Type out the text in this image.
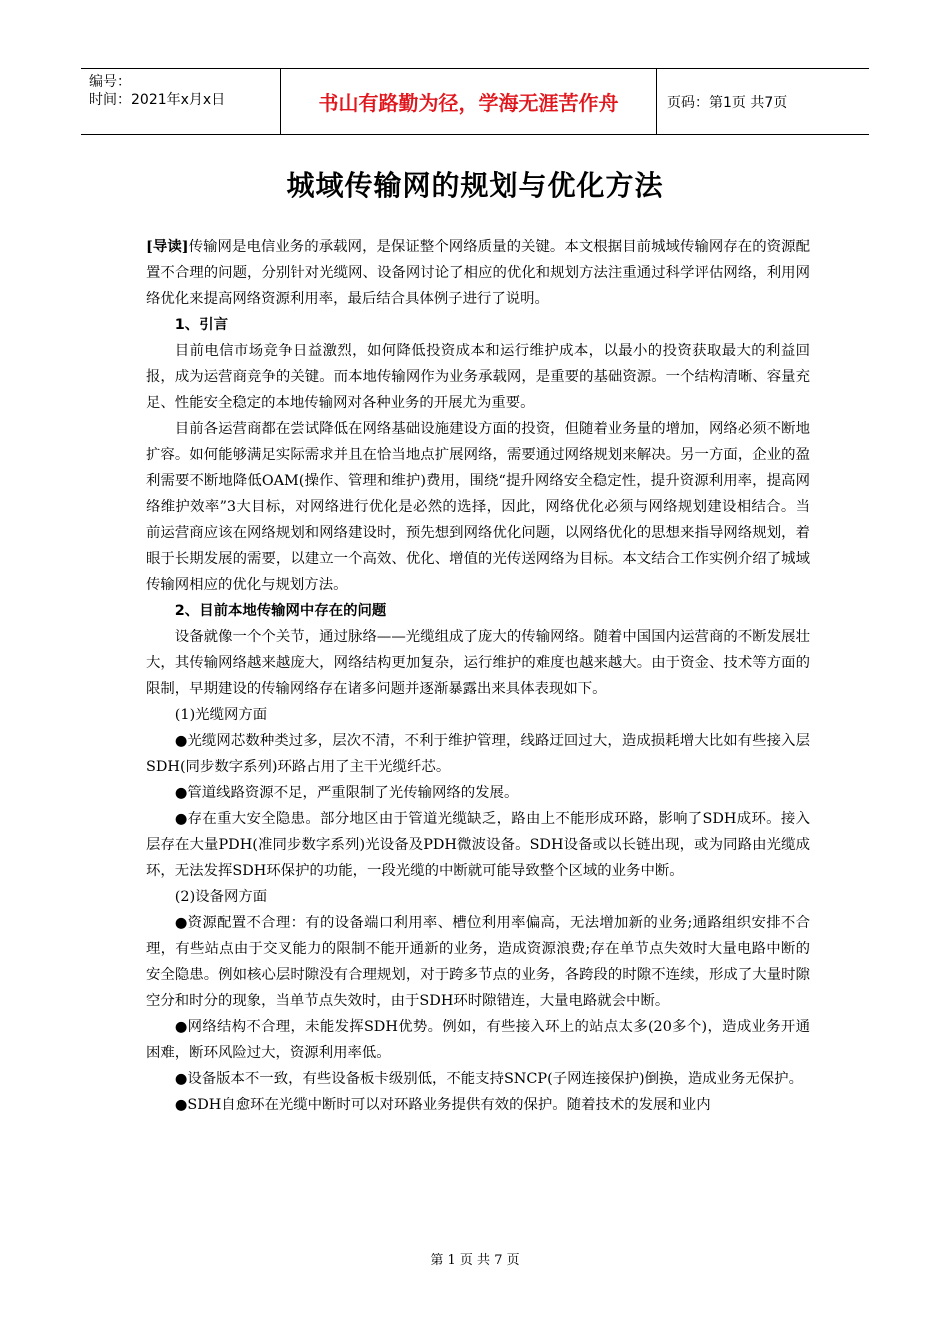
编号：
时间：2021年x月x日	书山有路勤为径，学海无涯苦作舟	页码：第1页 共7页
城域传输网的规划与优化方法

[导读]传输网是电信业务的承载网，是保证整个网络质量的关键。本文根据目前城域传输网存在的资源配置不合理的问题，分别针对光缆网、设备网讨论了相应的优化和规划方法注重通过科学评估网络，利用网络优化来提高网络资源利用率，最后结合具体例子进行了说明。

1、引言

目前电信市场竞争日益激烈，如何降低投资成本和运行维护成本，以最小的投资获取最大的利益回报，成为运营商竞争的关键。而本地传输网作为业务承载网，是重要的基础资源。一个结构清晰、容量充足、性能安全稳定的本地传输网对各种业务的开展尤为重要。

目前各运营商都在尝试降低在网络基础设施建设方面的投资，但随着业务量的增加，网络必须不断地扩容。如何能够满足实际需求并且在恰当地点扩展网络，需要通过网络规划来解决。另一方面，企业的盈利需要不断地降低OAM(操作、管理和维护)费用，围绕“提升网络安全稳定性，提升资源利用率，提高网络维护效率”3大目标，对网络进行优化是必然的选择，因此，网络优化必须与网络规划建设相结合。当前运营商应该在网络规划和网络建设时，预先想到网络优化问题，以网络优化的思想来指导网络规划，着眼于长期发展的需要，以建立一个高效、优化、增值的光传送网络为目标。本文结合工作实例介绍了城域传输网相应的优化与规划方法。

2、目前本地传输网中存在的问题

设备就像一个个关节，通过脉络——光缆组成了庞大的传输网络。随着中国国内运营商的不断发展壮大，其传输网络越来越庞大，网络结构更加复杂，运行维护的难度也越来越大。由于资金、技术等方面的限制，早期建设的传输网络存在诸多问题并逐渐暴露出来具体表现如下。

(1)光缆网方面

●光缆网芯数种类过多，层次不清，不利于维护管理，线路迂回过大，造成损耗增大比如有些接入层SDH(同步数字系列)环路占用了主干光缆纤芯。

●管道线路资源不足，严重限制了光传输网络的发展。

●存在重大安全隐患。部分地区由于管道光缆缺乏，路由上不能形成环路，影响了SDH成环。接入层存在大量PDH(准同步数字系列)光设备及PDH微波设备。SDH设备或以长链出现，或为同路由光缆成环，无法发挥SDH环保护的功能，一段光缆的中断就可能导致整个区域的业务中断。

(2)设备网方面

●资源配置不合理：有的设备端口利用率、槽位利用率偏高，无法增加新的业务;通路组织安排不合理，有些站点由于交叉能力的限制不能开通新的业务，造成资源浪费;存在单节点失效时大量电路中断的安全隐患。例如核心层时隙没有合理规划，对于跨多节点的业务，各跨段的时隙不连续，形成了大量时隙空分和时分的现象，当单节点失效时，由于SDH环时隙错连，大量电路就会中断。

●网络结构不合理，未能发挥SDH优势。例如，有些接入环上的站点太多(20多个)，造成业务开通困难，断环风险过大，资源利用率低。

●设备版本不一致，有些设备板卡级别低，不能支持SNCP(子网连接保护)倒换，造成业务无保护。

●SDH自愈环在光缆中断时可以对环路业务提供有效的保护。随着技术的发展和业内

第 1 页 共 7 页
